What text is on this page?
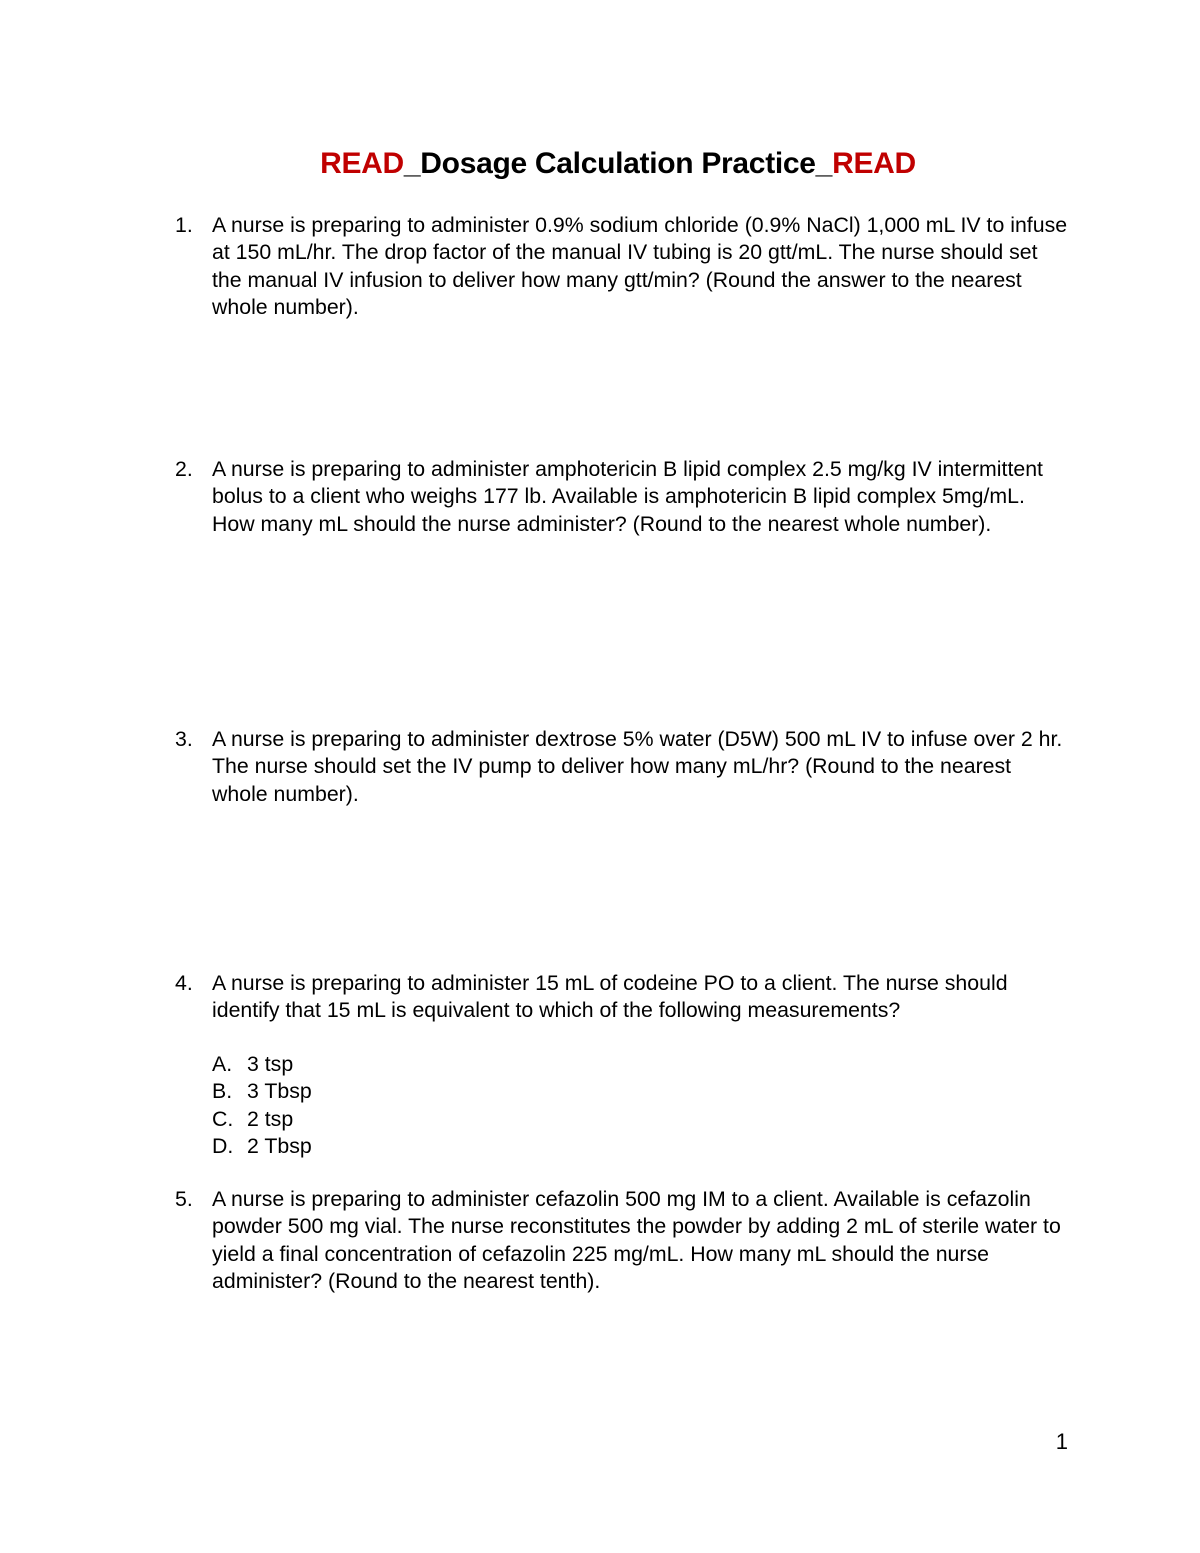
READ_Dosage Calculation Practice_READ
1. A nurse is preparing to administer 0.9% sodium chloride (0.9% NaCl) 1,000 mL IV to infuse at 150 mL/hr. The drop factor of the manual IV tubing is 20 gtt/mL. The nurse should set the manual IV infusion to deliver how many gtt/min? (Round the answer to the nearest whole number).
2. A nurse is preparing to administer amphotericin B lipid complex 2.5 mg/kg IV intermittent bolus to a client who weighs 177 lb. Available is amphotericin B lipid complex 5mg/mL. How many mL should the nurse administer? (Round to the nearest whole number).
3. A nurse is preparing to administer dextrose 5% water (D5W) 500 mL IV to infuse over 2 hr. The nurse should set the IV pump to deliver how many mL/hr? (Round to the nearest whole number).
4. A nurse is preparing to administer 15 mL of codeine PO to a client. The nurse should identify that 15 mL is equivalent to which of the following measurements?
A. 3 tsp
B. 3 Tbsp
C. 2 tsp
D. 2 Tbsp
5. A nurse is preparing to administer cefazolin 500 mg IM to a client. Available is cefazolin powder 500 mg vial. The nurse reconstitutes the powder by adding 2 mL of sterile water to yield a final concentration of cefazolin 225 mg/mL. How many mL should the nurse administer? (Round to the nearest tenth).
1
